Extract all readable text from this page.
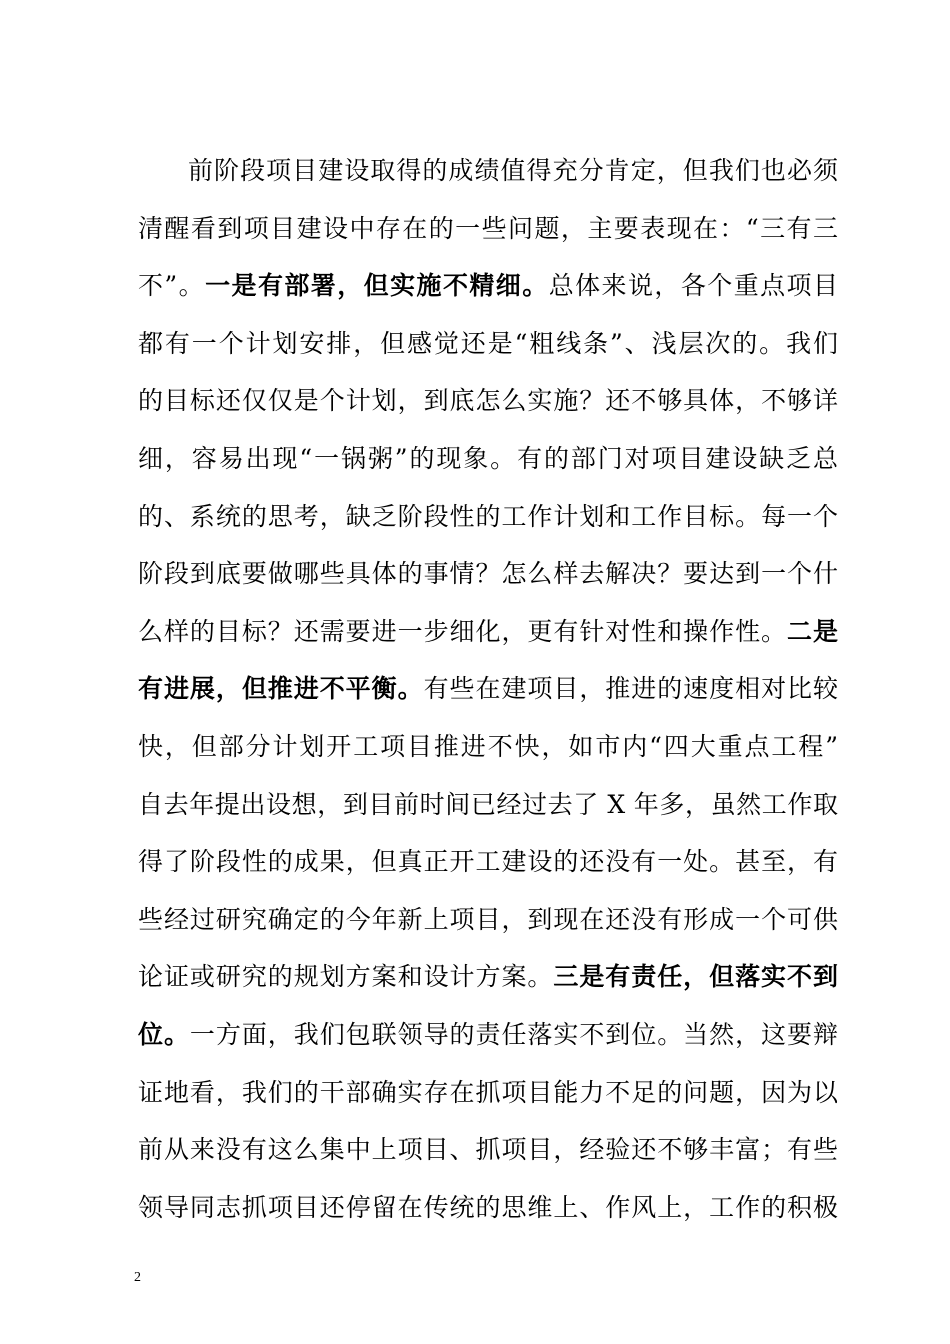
前阶段项目建设取得的成绩值得充分肯定，但我们也必须
清醒看到项目建设中存在的一些问题，主要表现在：“三有三
不”。一是有部署，但实施不精细。总体来说，各个重点项目
都有一个计划安排，但感觉还是“粗线条”、浅层次的。我们
的目标还仅仅是个计划，到底怎么实施？还不够具体，不够详
细，容易出现“一锅粥”的现象。有的部门对项目建设缺乏总
的、系统的思考，缺乏阶段性的工作计划和工作目标。每一个
阶段到底要做哪些具体的事情？怎么样去解决？要达到一个什
么样的目标？还需要进一步细化，更有针对性和操作性。二是
有进展，但推进不平衡。有些在建项目，推进的速度相对比较
快，但部分计划开工项目推进不快，如市内“四大重点工程”
自去年提出设想，到目前时间已经过去了 X 年多，虽然工作取
得了阶段性的成果，但真正开工建设的还没有一处。甚至，有
些经过研究确定的今年新上项目，到现在还没有形成一个可供
论证或研究的规划方案和设计方案。三是有责任，但落实不到
位。一方面，我们包联领导的责任落实不到位。当然，这要辩
证地看，我们的干部确实存在抓项目能力不足的问题，因为以
前从来没有这么集中上项目、抓项目，经验还不够丰富；有些
领导同志抓项目还停留在传统的思维上、作风上，工作的积极
2
